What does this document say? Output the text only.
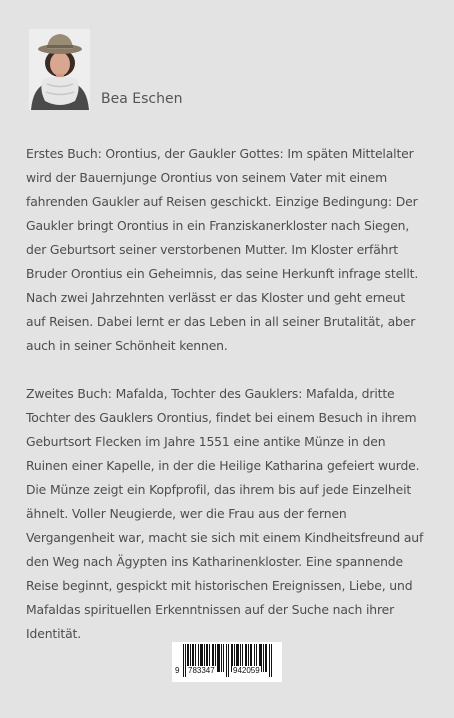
Bea Eschen

Erstes Buch: Orontius, der Gaukler Gottes: Im späten Mittelalter wird der Bauernjunge Orontius von seinem Vater mit einem fahrenden Gaukler auf Reisen geschickt. Einzige Bedingung: Der Gaukler bringt Orontius in ein Franziskanerkloster nach Siegen, der Geburtsort seiner verstorbenen Mutter. Im Kloster erfährt Bruder Orontius ein Geheimnis, das seine Herkunft infrage stellt. Nach zwei Jahrzehnten verlässt er das Kloster und geht erneut auf Reisen. Dabei lernt er das Leben in all seiner Brutalität, aber auch in seiner Schönheit kennen.

Zweites Buch: Mafalda, Tochter des Gauklers: Mafalda, dritte Tochter des Gauklers Orontius, findet bei einem Besuch in ihrem Geburtsort Flecken im Jahre 1551 eine antike Münze in den Ruinen einer Kapelle, in der die Heilige Katharina gefeiert wurde. Die Münze zeigt ein Kopfprofil, das ihrem bis auf jede Einzelheit ähnelt. Voller Neugierde, wer die Frau aus der fernen Vergangenheit war, macht sie sich mit einem Kindheitsfreund auf den Weg nach Ägypten ins Katharinenkloster. Eine spannende Reise beginnt, gespickt mit historischen Ereignissen, Liebe, und Mafaldas spirituellen Erkenntnissen auf der Suche nach ihrer Identität.

9 783347 942059
